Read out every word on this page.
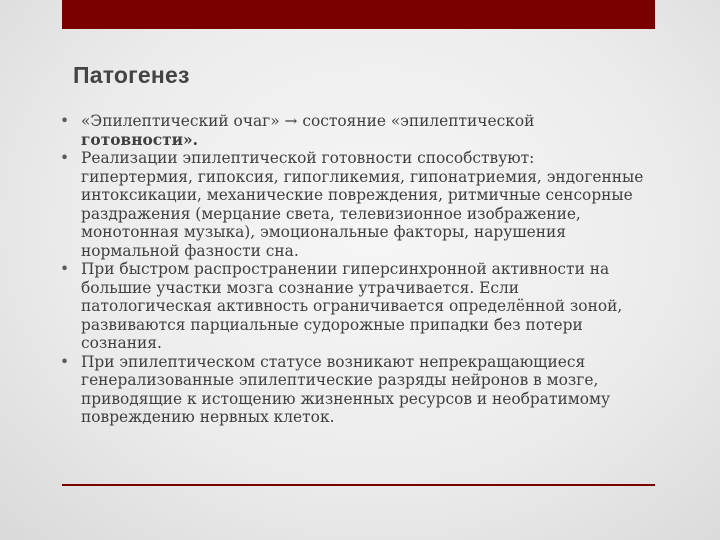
Патогенез
• «Эпилептический очаг» → состояние «эпилептической
готовности».
• Реализации эпилептической готовности способствуют:
гипертермия, гипоксия, гипогликемия, гипонатриемия, эндогенные
интоксикации, механические повреждения, ритмичные сенсорные
раздражения (мерцание света, телевизионное изображение,
монотонная музыка), эмоциональные факторы, нарушения
нормальной фазности сна.
• При быстром распространении гиперсинхронной активности на
большие участки мозга сознание утрачивается. Если
патологическая активность ограничивается определённой зоной,
развиваются парциальные судорожные припадки без потери
сознания.
• При эпилептическом статусе возникают непрекращающиеся
генерализованные эпилептические разряды нейронов в мозге,
приводящие к истощению жизненных ресурсов и необратимому
повреждению нервных клеток.
